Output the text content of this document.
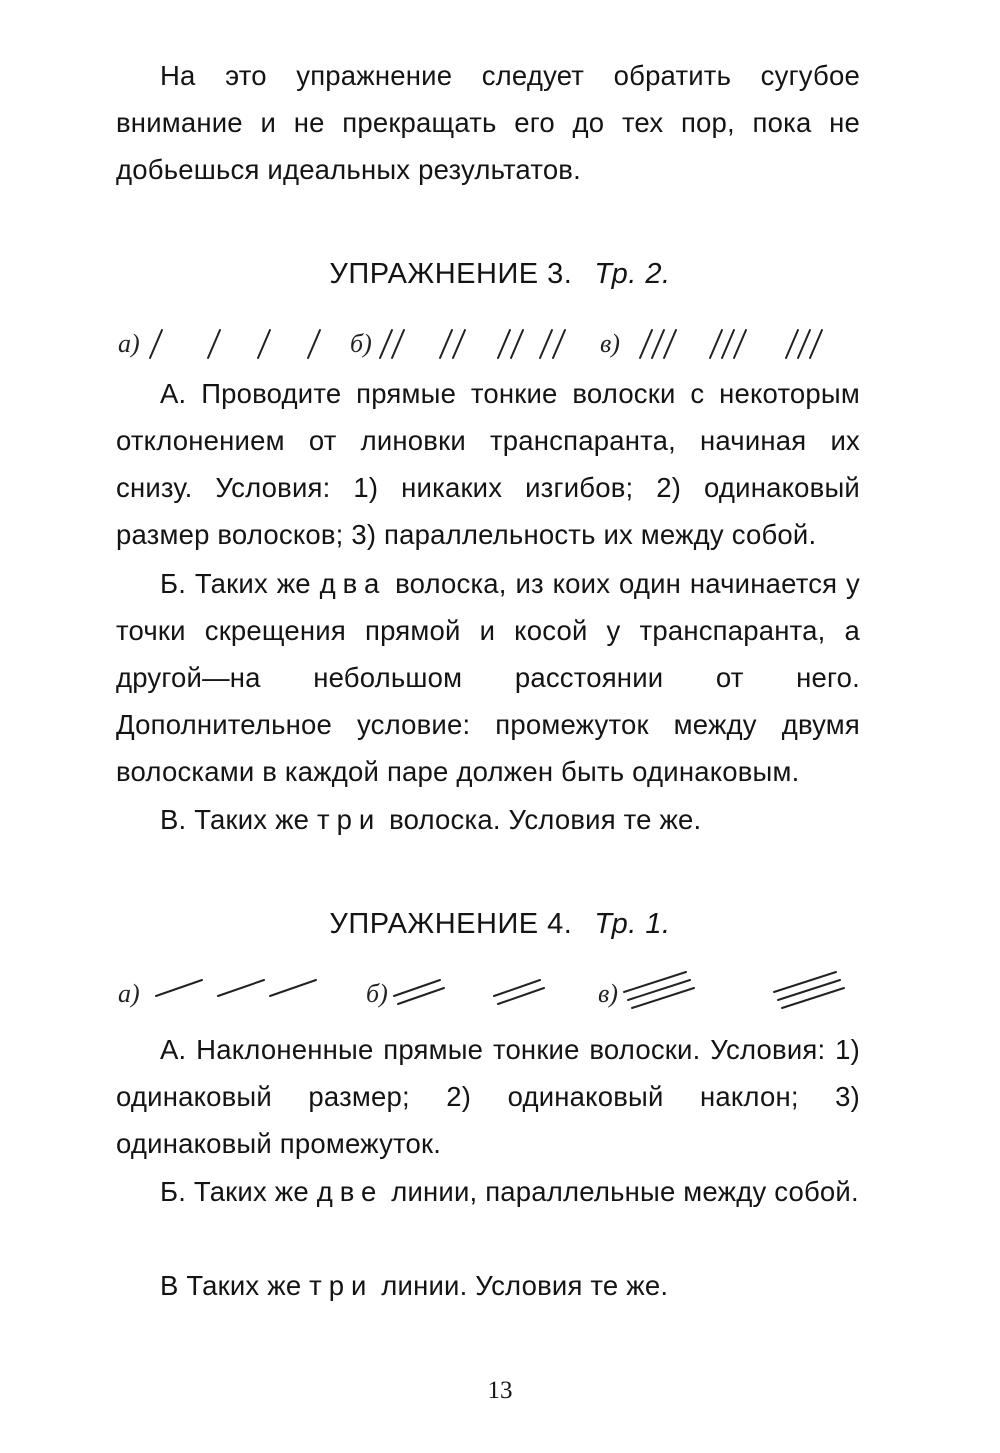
На это упражнение следует обратить сугубое внимание и не прекращать его до тех пор, пока не добьешься идеальных результатов.

УПРАЖНЕНИЕ 3. Тр. 2.

а)	б)	в)

А. Проводите прямые тонкие волоски с некоторым отклонением от линовки транспаранта, начиная их снизу. Условия: 1) никаких изгибов; 2) одинаковый размер волосков; 3) параллельность их между собой.

Б. Таких же два волоска, из коих один начинается у точки скрещения прямой и косой у транспаранта, а другой—на небольшом расстоянии от него. Дополнительное условие: промежуток между двумя волосками в каждой паре должен быть одинаковым.

В. Таких же три волоска. Условия те же.

УПРАЖНЕНИЕ 4. Тр. 1.

а)	б)	в)

А. Наклоненные прямые тонкие волоски. Условия: 1) одинаковый размер; 2) одинаковый наклон; 3) одинаковый промежуток.

Б. Таких же две линии, параллельные между собой.

В Таких же три линии. Условия те же.

13
